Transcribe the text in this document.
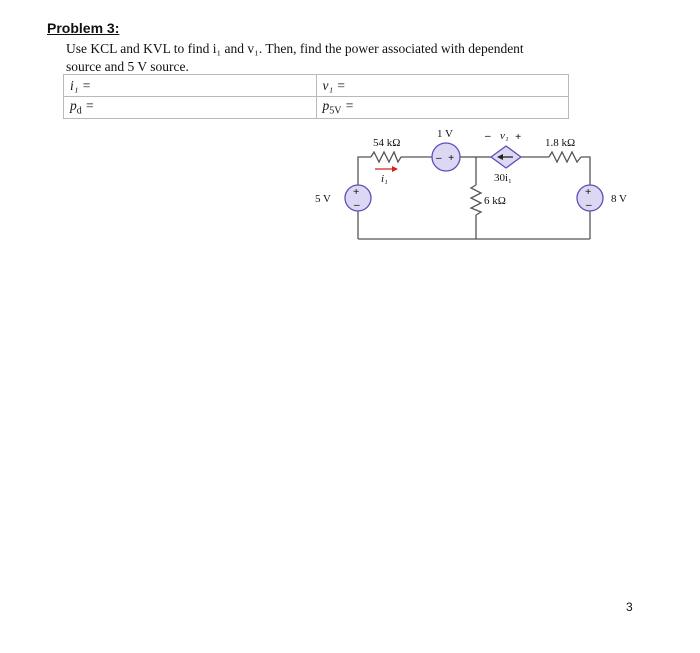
Problem 3:
Use KCL and KVL to find i₁ and v₁. Then, find the power associated with dependent
source and 5 V source.
i₁ =	v₁ =
$p_d$ =	$p_{5V}$ =
54 kΩ
i₁
– +
1 V	– v₁ +
30i₁
1.8 kΩ
6 kΩ
+
–
5 V
+
– 8 V
3
